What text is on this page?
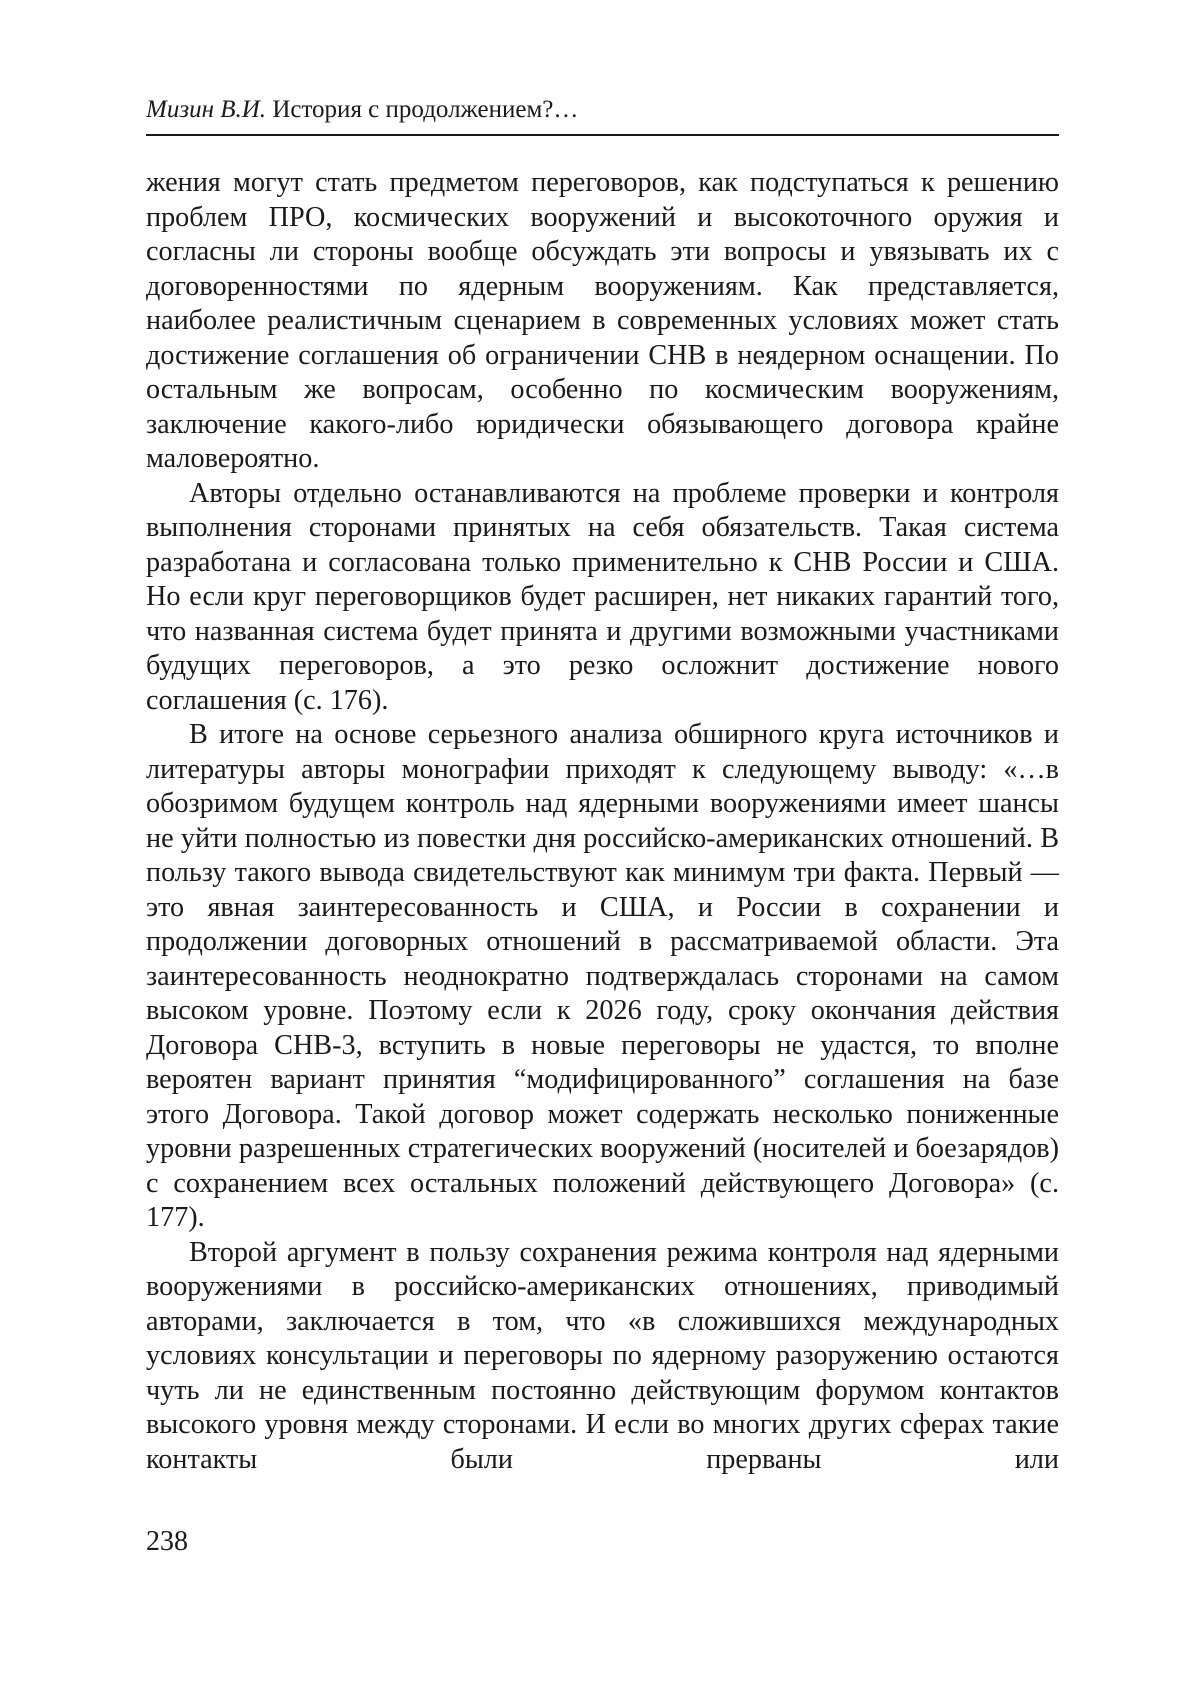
Мизин В.И. История с продолжением?…

жения могут стать предметом переговоров, как подступаться к решению проблем ПРО, космических вооружений и высокоточного оружия и согласны ли стороны вообще обсуждать эти вопросы и увязывать их с договоренностями по ядерным вооружениям. Как представляется, наиболее реалистичным сценарием в современных условиях может стать достижение соглашения об ограничении СНВ в неядерном оснащении. По остальным же вопросам, особенно по космическим вооружениям, заключение какого-либо юридически обязывающего договора крайне маловероятно.

Авторы отдельно останавливаются на проблеме проверки и контроля выполнения сторонами принятых на себя обязательств. Такая система разработана и согласована только применительно к СНВ России и США. Но если круг переговорщиков будет расширен, нет никаких гарантий того, что названная система будет принята и другими возможными участниками будущих переговоров, а это резко осложнит достижение нового соглашения (с. 176).

В итоге на основе серьезного анализа обширного круга источников и литературы авторы монографии приходят к следующему выводу: «…в обозримом будущем контроль над ядерными вооружениями имеет шансы не уйти полностью из повестки дня российско-американских отношений. В пользу такого вывода свидетельствуют как минимум три факта. Первый — это явная заинтересованность и США, и России в сохранении и продолжении договорных отношений в рассматриваемой области. Эта заинтересованность неоднократно подтверждалась сторонами на самом высоком уровне. Поэтому если к 2026 году, сроку окончания действия Договора СНВ-3, вступить в новые переговоры не удастся, то вполне вероятен вариант принятия “модифицированного” соглашения на базе этого Договора. Такой договор может содержать несколько пониженные уровни разрешенных стратегических вооружений (носителей и боезарядов) с сохранением всех остальных положений действующего Договора» (с. 177).

Второй аргумент в пользу сохранения режима контроля над ядерными вооружениями в российско-американских отношениях, приводимый авторами, заключается в том, что «в сложившихся международных условиях консультации и переговоры по ядерному разоружению остаются чуть ли не единственным постоянно действующим форумом контактов высокого уровня между сторонами. И если во многих других сферах такие контакты были прерваны или

238
